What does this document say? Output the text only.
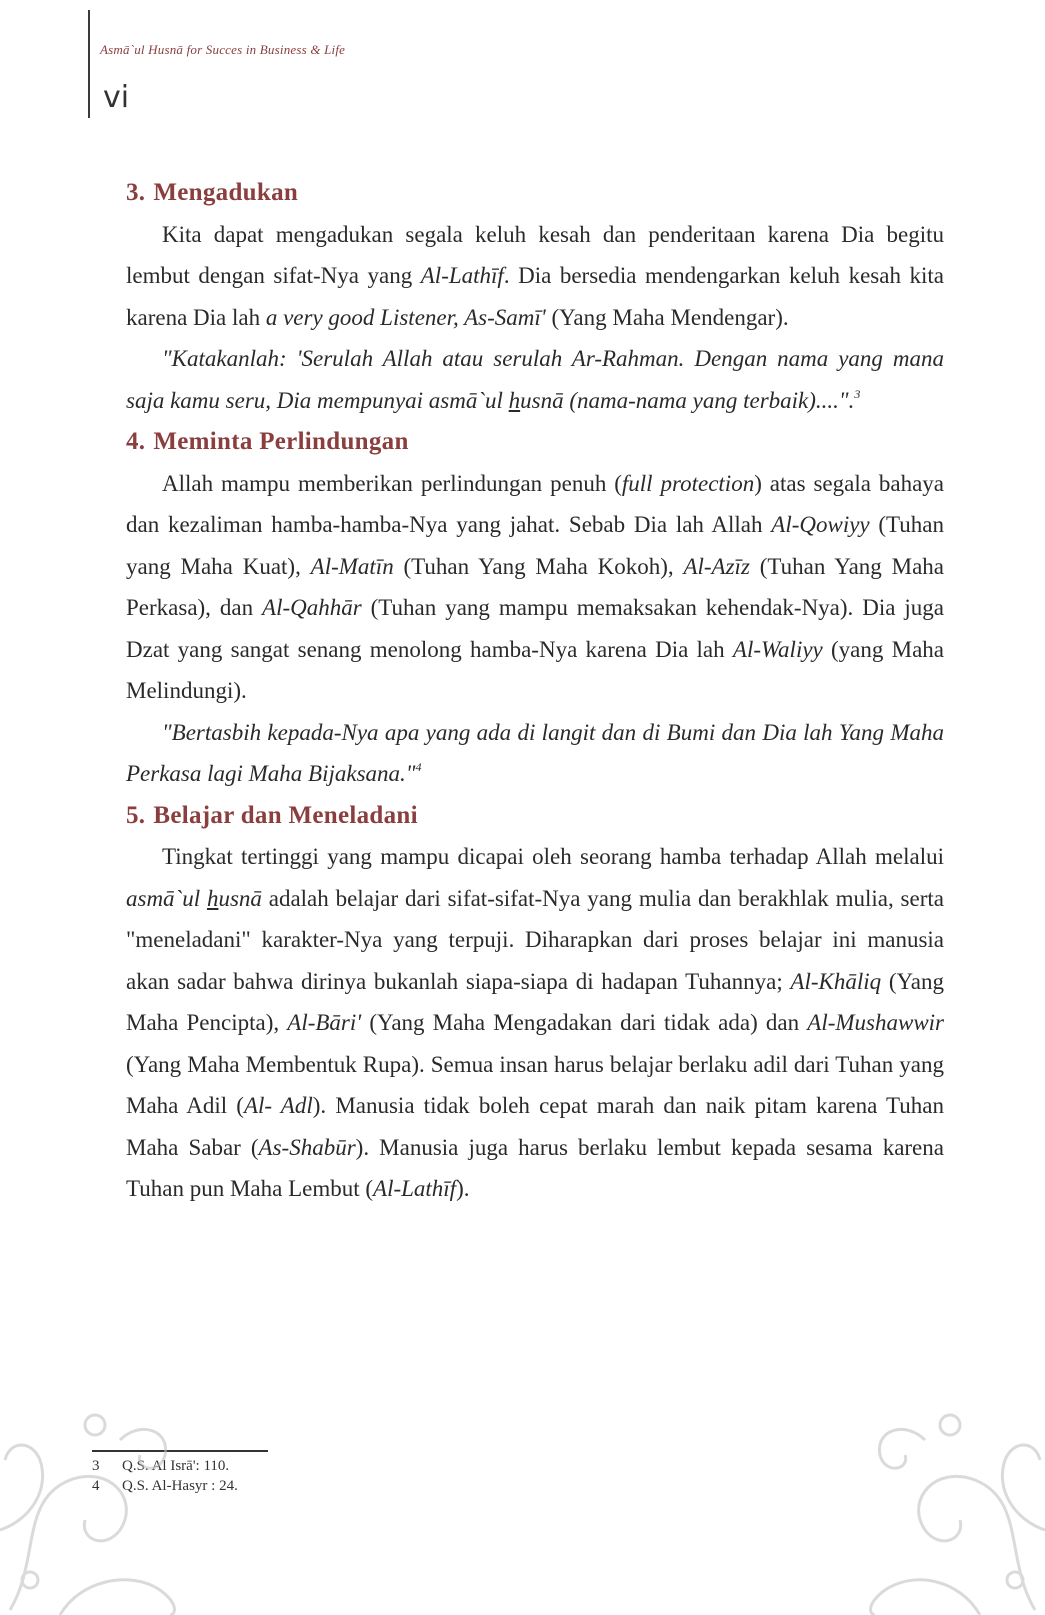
Asmā`ul Husnā for Succes in Business & Life
vi
3. Mengadukan

Kita dapat mengadukan segala keluh kesah dan penderitaan karena Dia begitu lembut dengan sifat-Nya yang Al-Lathīf. Dia bersedia mendengarkan keluh kesah kita karena Dia lah a very good Listener, As-Samī' (Yang Maha Mendengar).

"Katakanlah: 'Serulah Allah atau serulah Ar-Rahman. Dengan nama yang mana saja kamu seru, Dia mempunyai asmā`ul husnā (nama-nama yang terbaik)....".$^3$

4. Meminta Perlindungan

Allah mampu memberikan perlindungan penuh (full protection) atas segala bahaya dan kezaliman hamba-hamba-Nya yang jahat. Sebab Dia lah Allah Al-Qowiyy (Tuhan yang Maha Kuat), Al-Matīn (Tuhan Yang Maha Kokoh), Al-Azīz (Tuhan Yang Maha Perkasa), dan Al-Qahhār (Tuhan yang mampu memaksakan kehendak-Nya). Dia juga Dzat yang sangat senang menolong hamba-Nya karena Dia lah Al-Waliyy (yang Maha Melindungi).

"Bertasbih kepada-Nya apa yang ada di langit dan di Bumi dan Dia lah Yang Maha Perkasa lagi Maha Bijaksana."$^4$

5. Belajar dan Meneladani

Tingkat tertinggi yang mampu dicapai oleh seorang hamba terhadap Allah melalui asmā`ul husnā adalah belajar dari sifat-sifat-Nya yang mulia dan berakhlak mulia, serta "meneladani" karakter-Nya yang terpuji. Diharapkan dari proses belajar ini manusia akan sadar bahwa dirinya bukanlah siapa-siapa di hadapan Tuhannya; Al-Khāliq (Yang Maha Pencipta), Al-Bāri' (Yang Maha Mengadakan dari tidak ada) dan Al-Mushawwir (Yang Maha Membentuk Rupa). Semua insan harus belajar berlaku adil dari Tuhan yang Maha Adil (Al- Adl). Manusia tidak boleh cepat marah dan naik pitam karena Tuhan Maha Sabar (As-Shabūr). Manusia juga harus berlaku lembut kepada sesama karena Tuhan pun Maha Lembut (Al-Lathīf).

3	Q.S. Al Isrā': 110.
4	Q.S. Al-Hasyr : 24.
